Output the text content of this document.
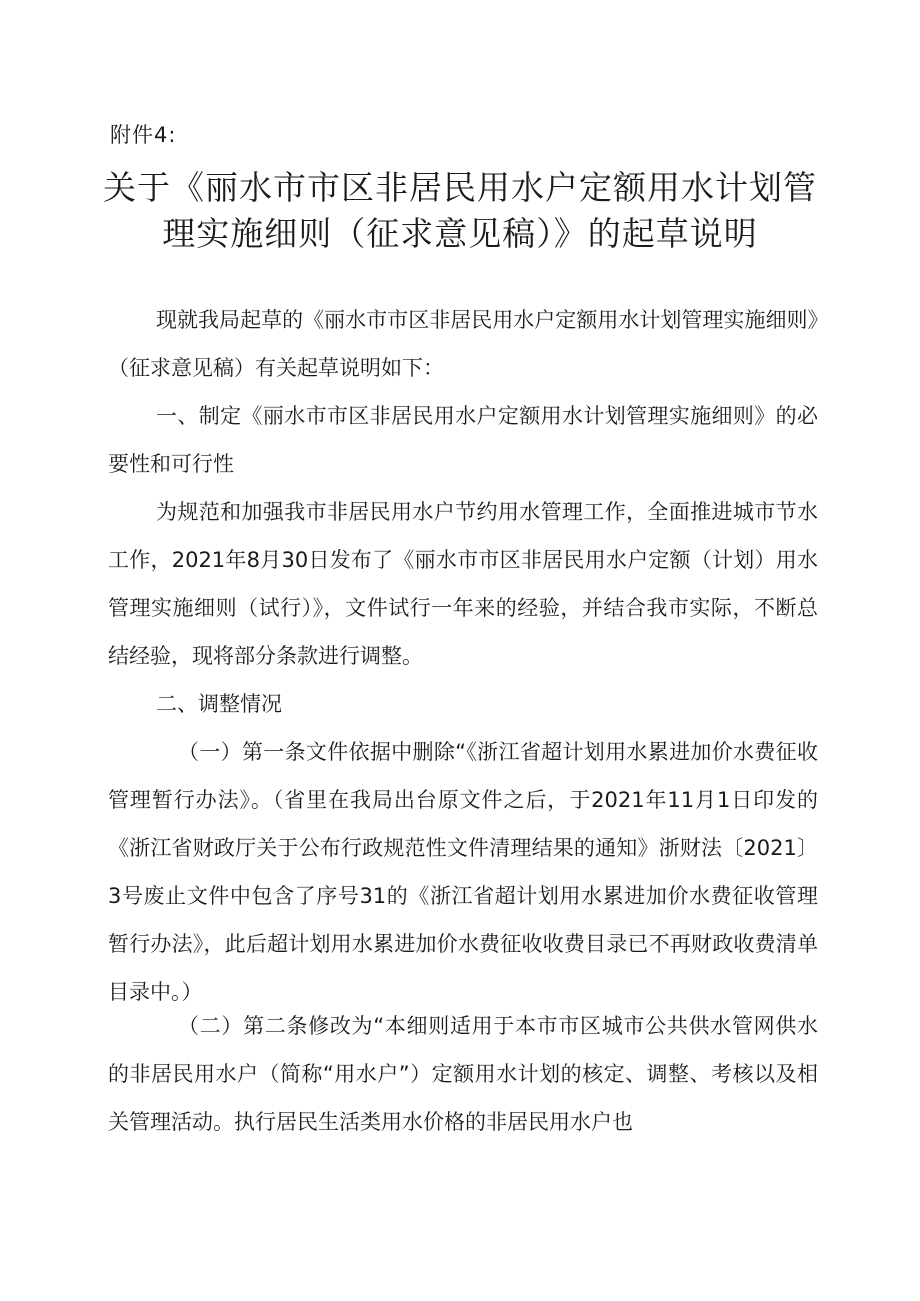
附件4:
关于《丽水市市区非居民用水户定额用水计划管
理实施细则（征求意见稿）》的起草说明

现就我局起草的《丽水市市区非居民用水户定额用水计划管理实施细则》（征求意见稿）有关起草说明如下：

一、制定《丽水市市区非居民用水户定额用水计划管理实施细则》的必要性和可行性

为规范和加强我市非居民用水户节约用水管理工作，全面推进城市节水工作，2021年8月30日发布了《丽水市市区非居民用水户定额（计划）用水管理实施细则（试行）》，文件试行一年来的经验，并结合我市实际，不断总结经验，现将部分条款进行调整。

二、调整情况

（一）第一条文件依据中删除“《浙江省超计划用水累进加价水费征收管理暂行办法》。（省里在我局出台原文件之后，于2021年11月1日印发的《浙江省财政厅关于公布行政规范性文件清理结果的通知》浙财法〔2021〕3号废止文件中包含了序号31的《浙江省超计划用水累进加价水费征收管理暂行办法》，此后超计划用水累进加价水费征收收费目录已不再财政收费清单目录中。）

（二）第二条修改为“本细则适用于本市市区城市公共供水管网供水的非居民用水户（简称“用水户”）定额用水计划的核定、调整、考核以及相关管理活动。执行居民生活类用水价格的非居民用水户也
